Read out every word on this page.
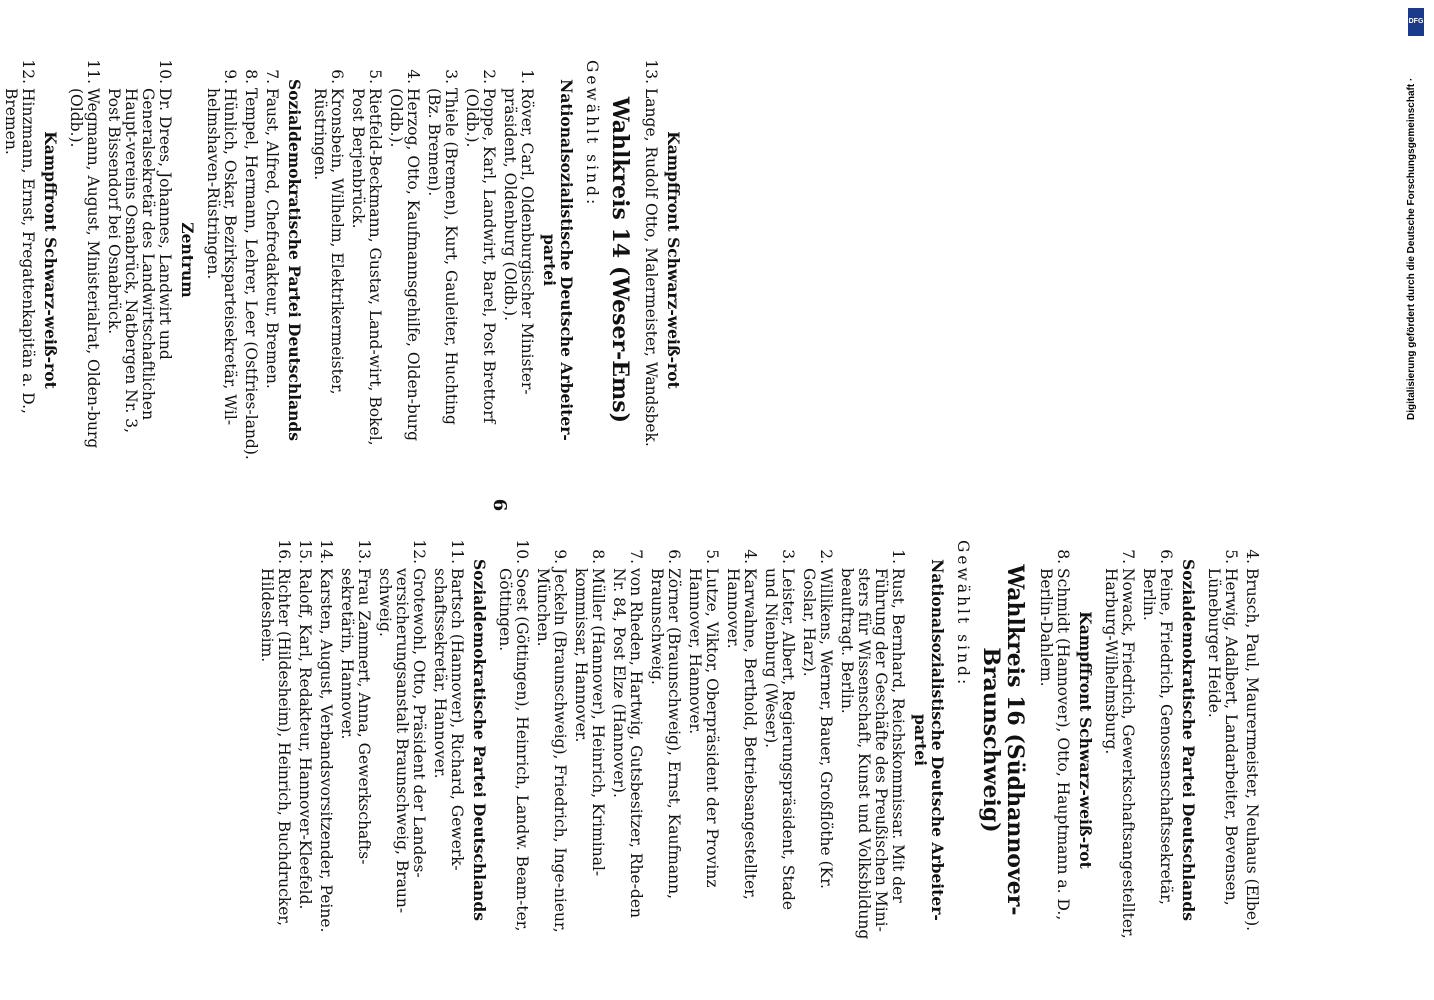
DFG
Digitalisierung gefördert durch die Deutsche Forschungsgemeinschaft ·
6
Kampffront Schwarz-weiß-rot
13.Lange, Rudolf Otto, Malermeister, Wandsbek.
Wahlkreis 14 (Weser-Ems)
Gewählt sind:
Nationalsozialistische Deutsche Arbeiter-partei
1.Röver, Carl, Oldenburgischer Minister-präsident, Oldenburg (Oldb.).
2.Poppe, Karl, Landwirt, Barel, Post Brettorf (Oldb.).
3.Thiele (Bremen), Kurt, Gauleiter, Huchting (Bz. Bremen).
4.Herzog, Otto, Kaufmannsgehilfe, Olden-burg (Oldb.).
5.Rietfeld-Beckmann, Gustav, Land-wirt, Bokel, Post Berjenbrück.
6.Kronsbein, Wilhelm, Elektrikermeister, Rüstringen.
Sozialdemokratische Partei Deutschlands
7.Faust, Alfred, Chefredakteur, Bremen.
8.Tempel, Hermann, Lehrer, Leer (Ostfries-land).
9.Hünlich, Oskar, Bezirksparteisekretär, Wil-helmshaven-Rüstringen.
Zentrum
10.Dr. Drees, Johannes, Landwirt und Generalsekretär des Landwirtschaftlichen Haupt-vereins Osnabrück, Natbergen Nr. 3, Post Bissendorf bei Osnabrück.
11.Wegmann, August, Ministerialrat, Olden-burg (Oldb.).
Kampffront Schwarz-weiß-rot
12.Hinzmann, Ernst, Fregattenkapitän a. D., Bremen.
4.Brusch, Paul, Maurermeister, Neuhaus (Elbe).
5.Herwig, Adalbert, Landarbeiter, Bevensen, Lüneburger Heide.
Sozialdemokratische Partei Deutschlands
6.Peine, Friedrich, Genossenschaftssekretär, Berlin.
7.Nowack, Friedrich, Gewerkschaftsangestellter, Harburg-Wilhelmsburg.
Kampffront Schwarz-weiß-rot
8.Schmidt (Hannover), Otto, Hauptmann a. D., Berlin-Dahlem.
Wahlkreis 16 (Südhannover-Braunschweig)
Gewählt sind:
Nationalsozialistische Deutsche Arbeiter-partei
1.Rust, Bernhard, Reichskommissar. Mit der Führung der Geschäfte des Preußischen Mini-sters für Wissenschaft, Kunst und Volksbildung beauftragt. Berlin.
2.Willikens, Werner, Bauer, Großflöthe (Kr. Goslar, Harz).
3.Leister, Albert, Regierungspräsident, Stade und Nienburg (Weser).
4.Karwahne, Berthold, Betriebsangestellter, Hannover.
5.Lutze, Viktor, Oberpräsident der Provinz Hannover, Hannover.
6.Zörner (Braunschweig), Ernst, Kaufmann, Braunschweig.
7.von Rheden, Hartwig, Gutsbesitzer, Rhe-den Nr. 84, Post Elze (Hannover).
8.Müller (Hannover), Heinrich, Kriminal-kommissar, Hannover.
9.Jeckeln (Braunschweig), Friedrich, Inge-nieur, München.
10.Soest (Göttingen), Heinrich, Landw. Beam-ter, Göttingen.
Sozialdemokratische Partei Deutschlands
11.Bartsch (Hannover), Richard, Gewerk-schaftssekretär, Hannover.
12.Grotewohl, Otto, Präsident der Landes-versicherungsanstalt Braunschweig, Braun-schweig.
13.Frau Zammert, Anna, Gewerkschafts-sekretärin, Hannover.
14.Karsten, August, Verbandsvorsitzender, Peine.
15.Raloff, Karl, Redakteur, Hannover-Kleefeld.
16.Richter (Hildesheim), Heinrich, Buchdrucker, Hildesheim.
